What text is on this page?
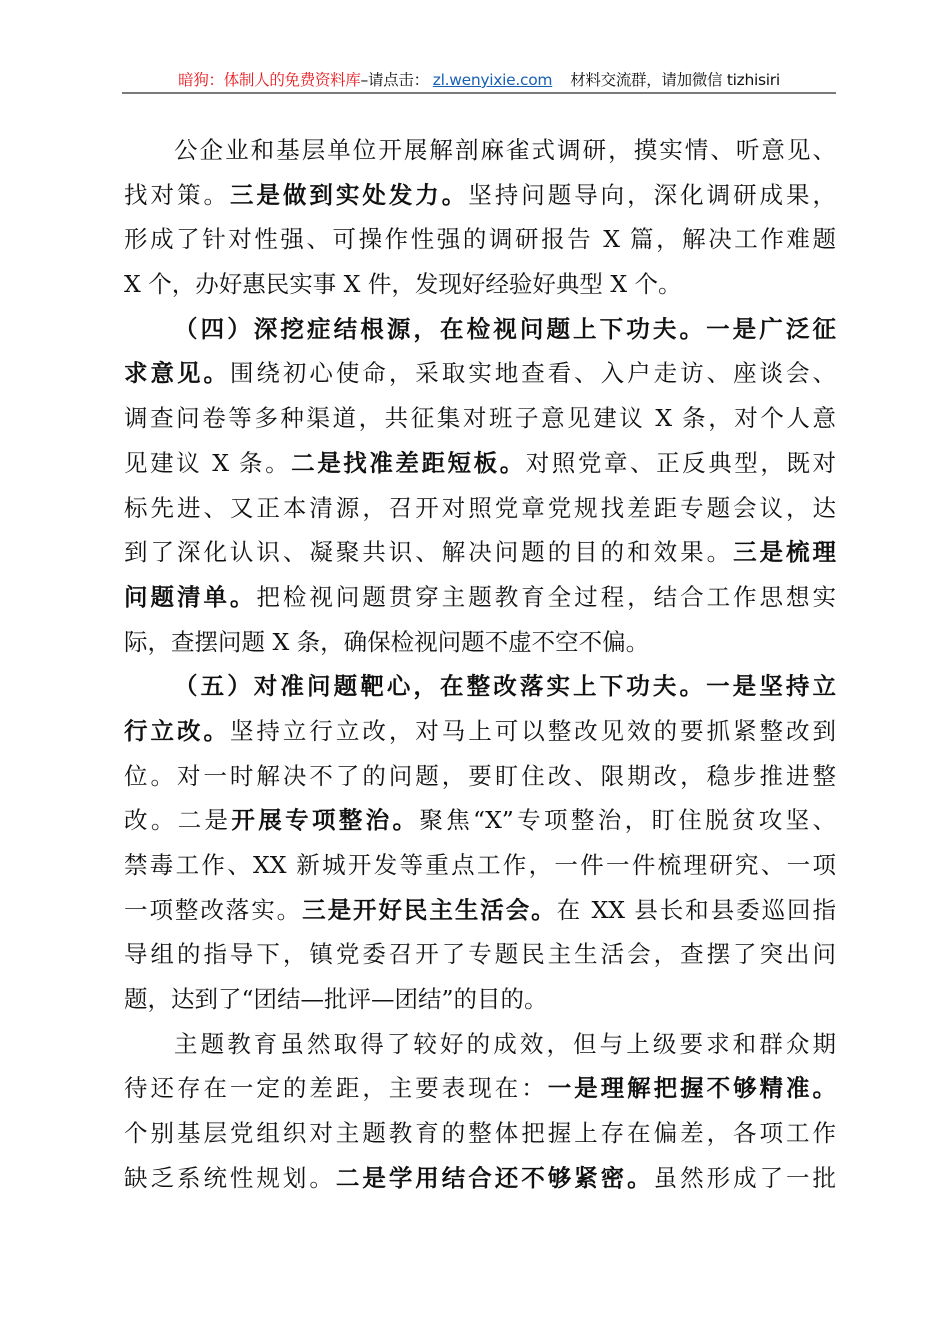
暗狗：体制人的免费资料库–请点击： zl.wenyixie.com 材料交流群，请加微信 tizhisiri
公企业和基层单位开展解剖麻雀式调研，摸实情、听意见、
找对策。三是做到实处发力。坚持问题导向，深化调研成果，
形成了针对性强、可操作性强的调研报告 X 篇，解决工作难题
X 个，办好惠民实事 X 件，发现好经验好典型 X 个。
（四）深挖症结根源，在检视问题上下功夫。一是广泛征
求意见。围绕初心使命，采取实地查看、入户走访、座谈会、
调查问卷等多种渠道，共征集对班子意见建议 X 条，对个人意
见建议 X 条。二是找准差距短板。对照党章、正反典型，既对
标先进、又正本清源，召开对照党章党规找差距专题会议，达
到了深化认识、凝聚共识、解决问题的目的和效果。三是梳理
问题清单。把检视问题贯穿主题教育全过程，结合工作思想实
际，查摆问题 X 条，确保检视问题不虚不空不偏。
（五）对准问题靶心，在整改落实上下功夫。一是坚持立
行立改。坚持立行立改，对马上可以整改见效的要抓紧整改到
位。对一时解决不了的问题，要盯住改、限期改，稳步推进整
改。二是开展专项整治。聚焦“X”专项整治，盯住脱贫攻坚、
禁毒工作、XX 新城开发等重点工作，一件一件梳理研究、一项
一项整改落实。三是开好民主生活会。在 XX 县长和县委巡回指
导组的指导下，镇党委召开了专题民主生活会，查摆了突出问
题，达到了“团结—批评—团结”的目的。
主题教育虽然取得了较好的成效，但与上级要求和群众期
待还存在一定的差距，主要表现在：一是理解把握不够精准。
个别基层党组织对主题教育的整体把握上存在偏差，各项工作
缺乏系统性规划。二是学用结合还不够紧密。虽然形成了一批
